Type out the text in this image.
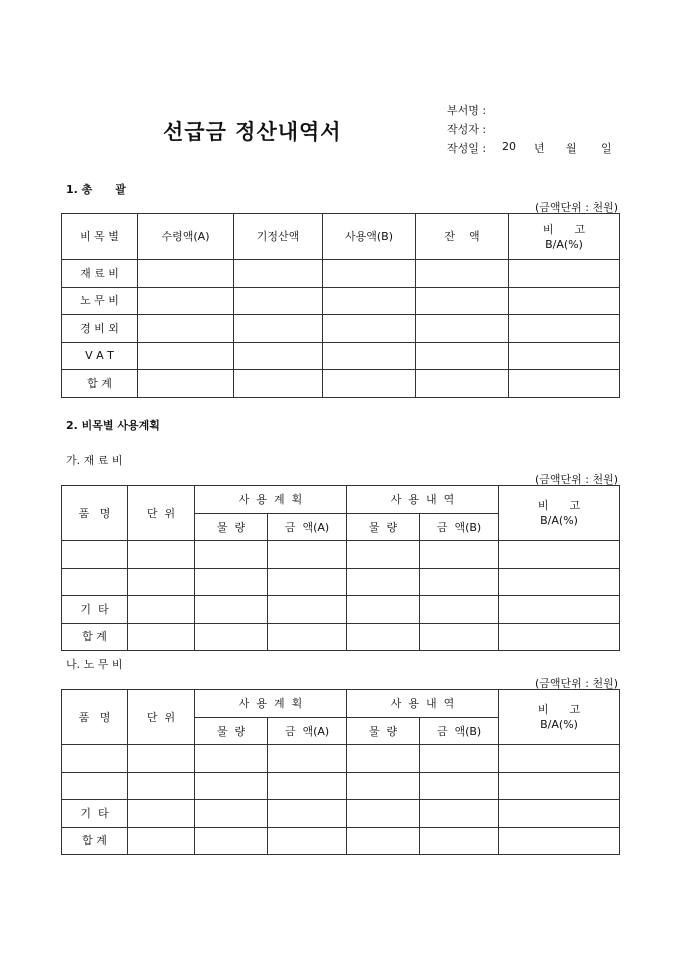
선급금 정산내역서
부서명 :
작성자 :
작성일 : 20 년 월 일
1. 총      괄
(금액단위 : 천원)
비 목 별	수령액(A)	기정산액	사용액(B)	잔    액	비      고
B/A(%)

재 료 비					
노 무 비					
경 비 외					
V A T					
합 계					
2. 비목별 사용계획
가. 재 료 비
(금액단위 : 천원)
품   명	단  위	사  용  계  획		사  용  내  역		비      고
B/A(%)

		물  량	금  액(A)	물  량	금  액(B)	

기  타						
합 계						
나. 노 무 비
(금액단위 : 천원)
품   명	단  위	사  용  계  획		사  용  내  역		비      고
B/A(%)

		물  량	금  액(A)	물  량	금  액(B)	

기  타						
합 계						
